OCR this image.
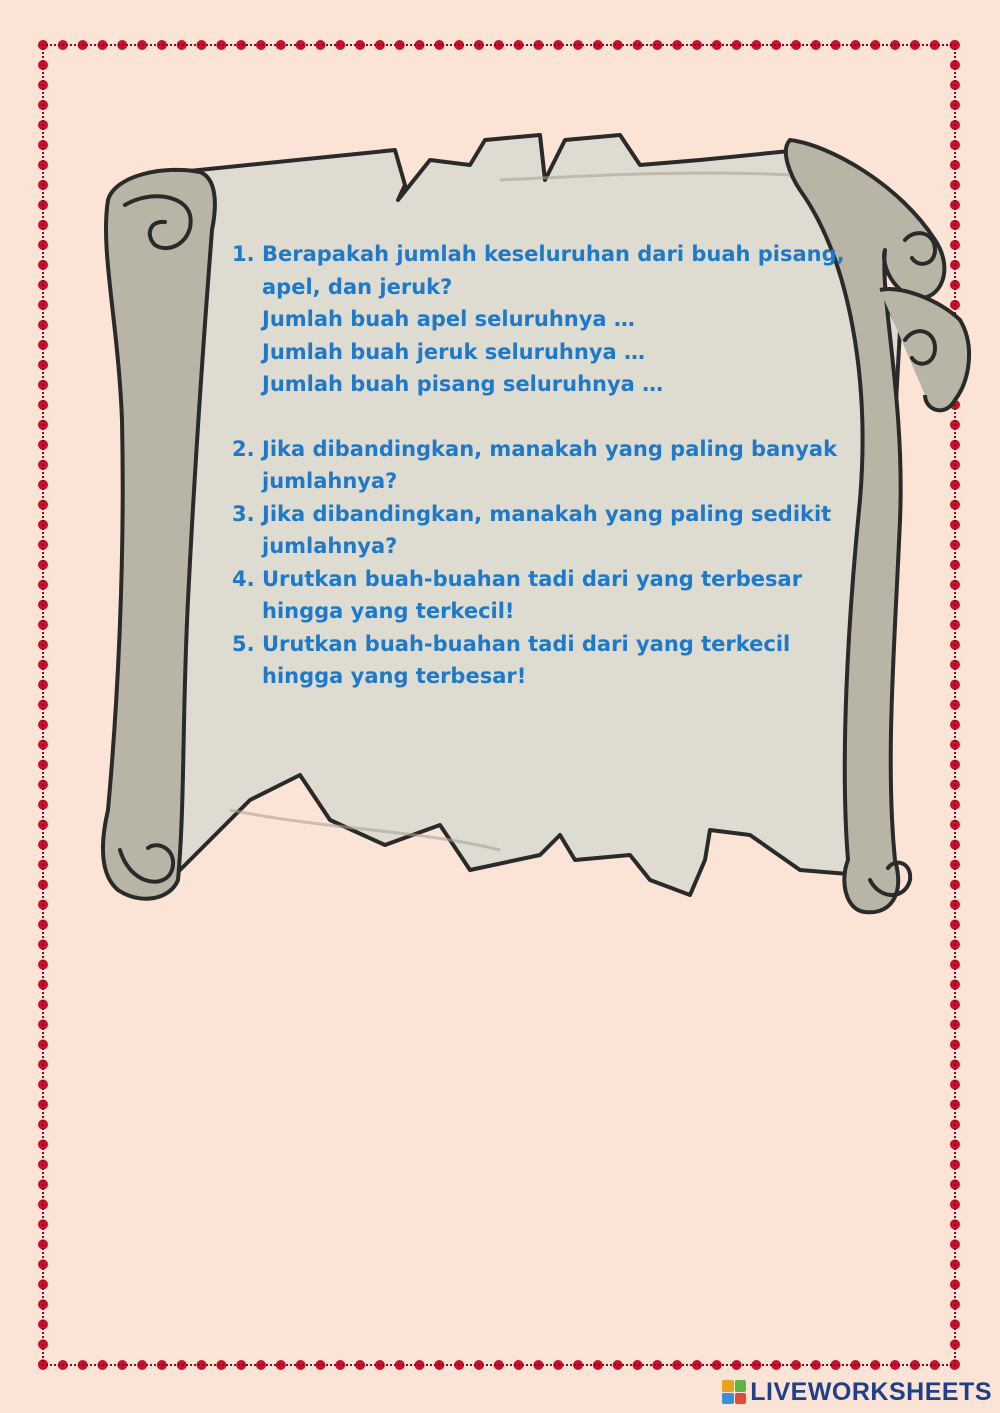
1. Berapakah jumlah keseluruhan dari buah pisang, apel, dan jeruk?
Jumlah buah apel seluruhnya …
Jumlah buah jeruk seluruhnya …
Jumlah buah pisang seluruhnya …
2. Jika dibandingkan, manakah yang paling banyak jumlahnya?
3. Jika dibandingkan, manakah yang paling sedikit jumlahnya?
4. Urutkan buah-buahan tadi dari yang terbesar hingga yang terkecil!
5. Urutkan buah-buahan tadi dari yang terkecil hingga yang terbesar!
LIVEWORKSHEETS
